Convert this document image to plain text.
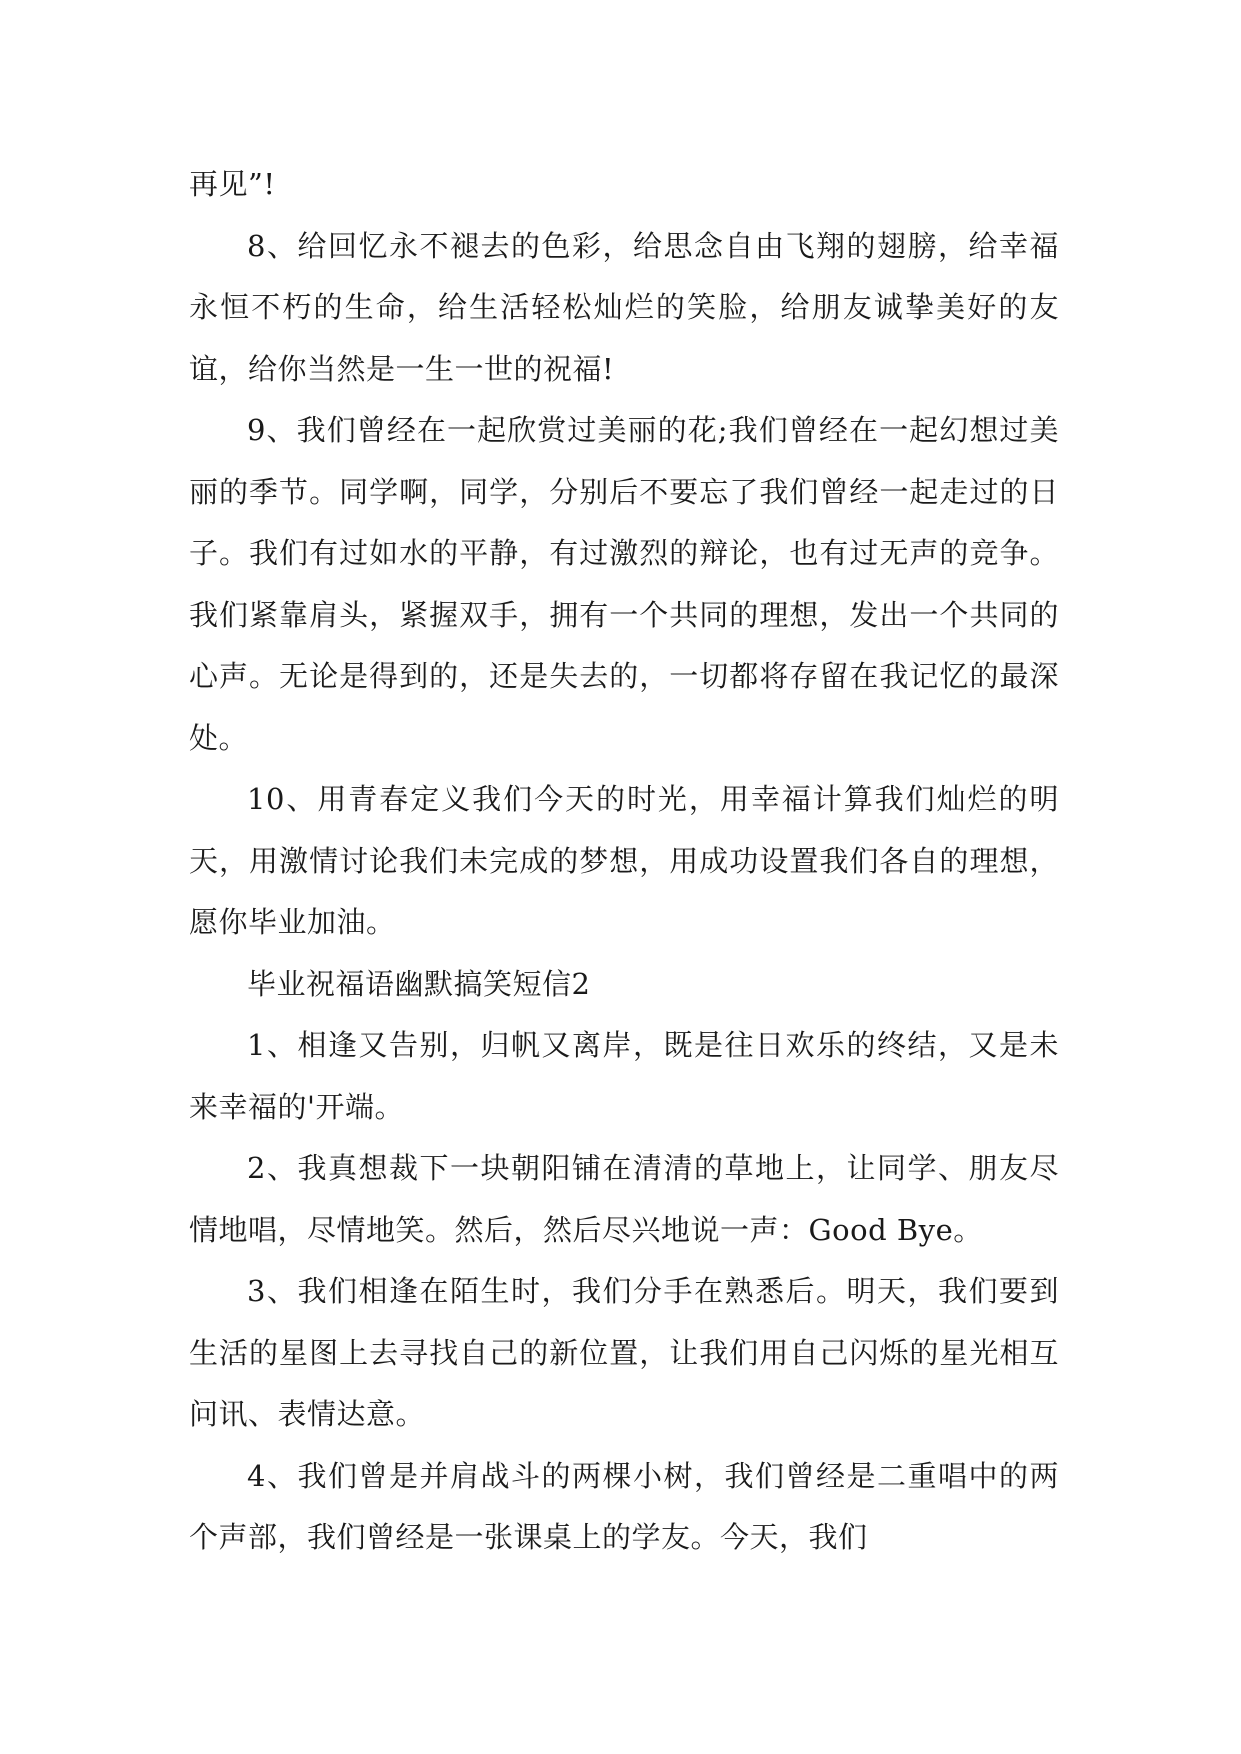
再见”!

8、给回忆永不褪去的色彩，给思念自由飞翔的翅膀，给幸福永恒不朽的生命，给生活轻松灿烂的笑脸，给朋友诚挚美好的友谊，给你当然是一生一世的祝福!

9、我们曾经在一起欣赏过美丽的花;我们曾经在一起幻想过美丽的季节。同学啊，同学，分别后不要忘了我们曾经一起走过的日子。我们有过如水的平静，有过激烈的辩论，也有过无声的竞争。我们紧靠肩头，紧握双手，拥有一个共同的理想，发出一个共同的心声。无论是得到的，还是失去的，一切都将存留在我记忆的最深处。

10、用青春定义我们今天的时光，用幸福计算我们灿烂的明天，用激情讨论我们未完成的梦想，用成功设置我们各自的理想，愿你毕业加油。

毕业祝福语幽默搞笑短信2

1、相逢又告别，归帆又离岸，既是往日欢乐的终结，又是未来幸福的'开端。

2、我真想裁下一块朝阳铺在清清的草地上，让同学、朋友尽情地唱，尽情地笑。然后，然后尽兴地说一声：Good Bye。

3、我们相逢在陌生时，我们分手在熟悉后。明天，我们要到生活的星图上去寻找自己的新位置，让我们用自己闪烁的星光相互问讯、表情达意。

4、我们曾是并肩战斗的两棵小树，我们曾经是二重唱中的两个声部，我们曾经是一张课桌上的学友。今天，我们
